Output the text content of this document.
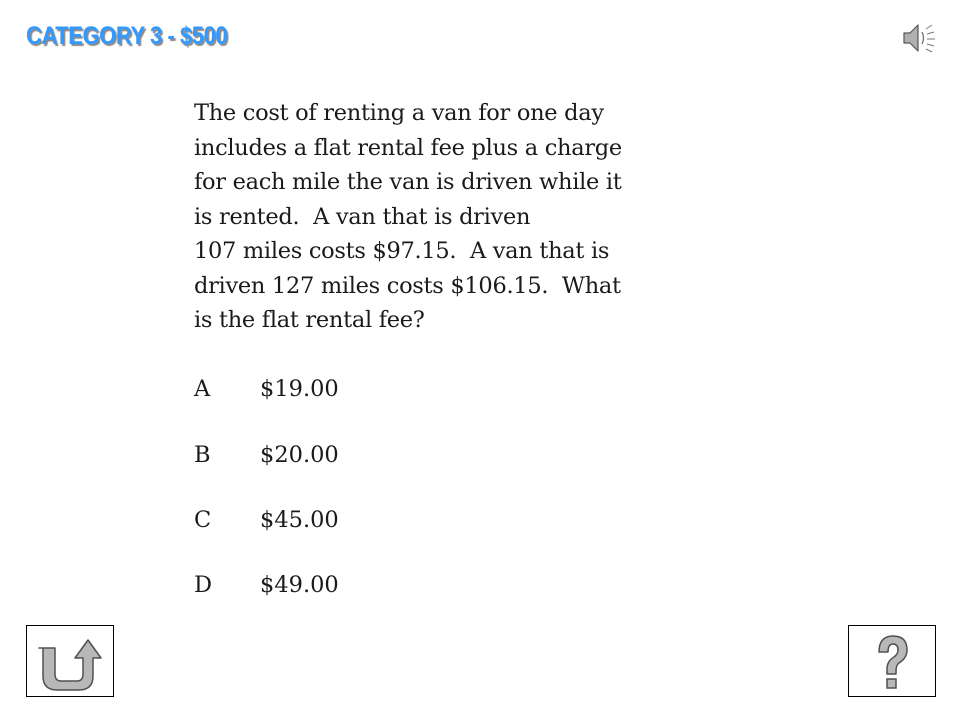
CATEGORY 3 - $500
The cost of renting a van for one day
includes a flat rental fee plus a charge
for each mile the van is driven while it
is rented.  A van that is driven
107 miles costs $97.15.  A van that is
driven 127 miles costs $106.15.  What
is the flat rental fee?
A $19.00
B $20.00
C $45.00
D $49.00
